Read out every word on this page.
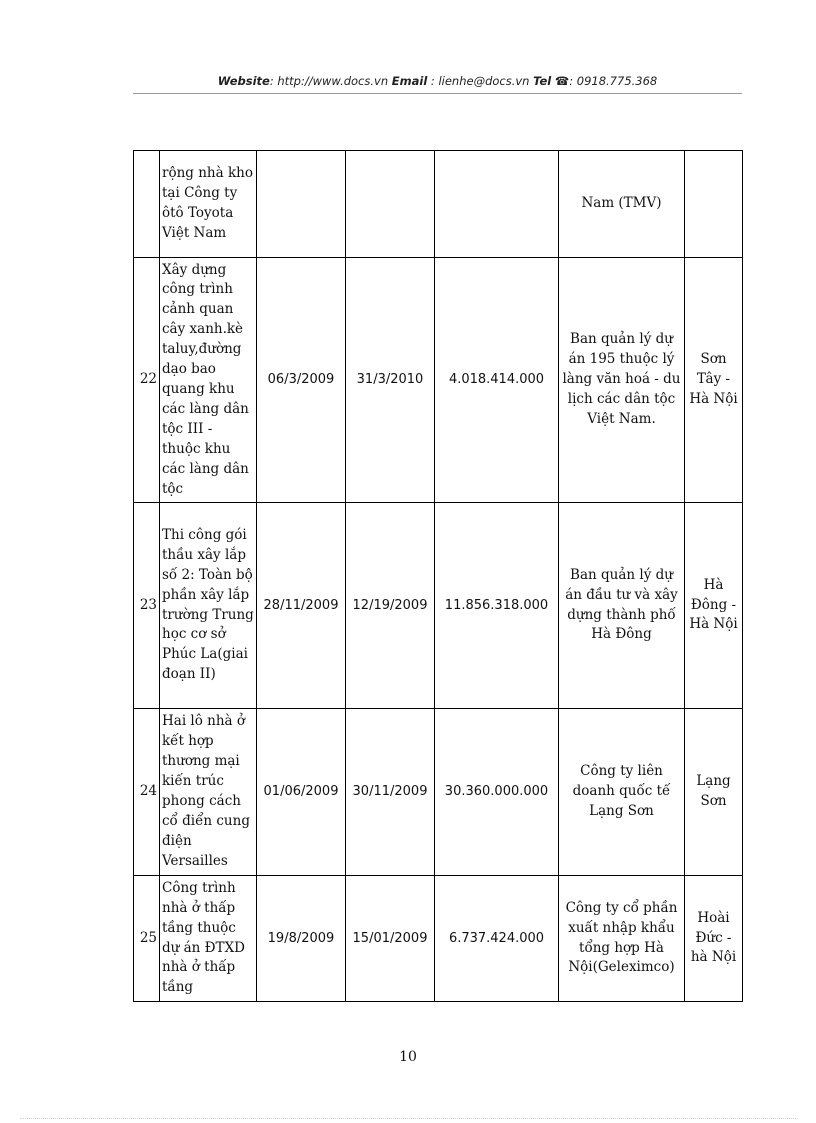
Website: http://www.docs.vn Email : lienhe@docs.vn Tel ☎: 0918.775.368
	rộng nhà kho tại Công ty ôtô Toyota Việt Nam				Nam (TMV)	
22	Xây dựng công trình cảnh quan cây xanh.kè taluy,đường dạo bao quang khu các làng dân tộc III - thuộc khu các làng dân tộc	06/3/2009	31/3/2010	4.018.414.000	Ban quản lý dự án 195 thuộc lý làng văn hoá - du lịch các dân tộc Việt Nam.	Sơn Tây - Hà Nội
23	Thi công gói thầu xây lắp số 2: Toàn bộ phần xây lắp trường Trung học cơ sở Phúc La(giai đoạn II)	28/11/2009	12/19/2009	11.856.318.000	Ban quản lý dự án đầu tư và xây dựng thành phố Hà Đông	Hà Đông - Hà Nội
24	Hai lô nhà ở kết hợp thương mại kiến trúc phong cách cổ điển cung điện Versailles	01/06/2009	30/11/2009	30.360.000.000	Công ty liên doanh quốc tế Lạng Sơn	Lạng Sơn
25	Công trình nhà ở thấp tầng thuộc dự án ĐTXD nhà ở thấp tầng	19/8/2009	15/01/2009	6.737.424.000	Công ty cổ phần xuất nhập khẩu tổng hợp Hà Nội(Geleximco)	Hoài Đức - hà Nội
10
